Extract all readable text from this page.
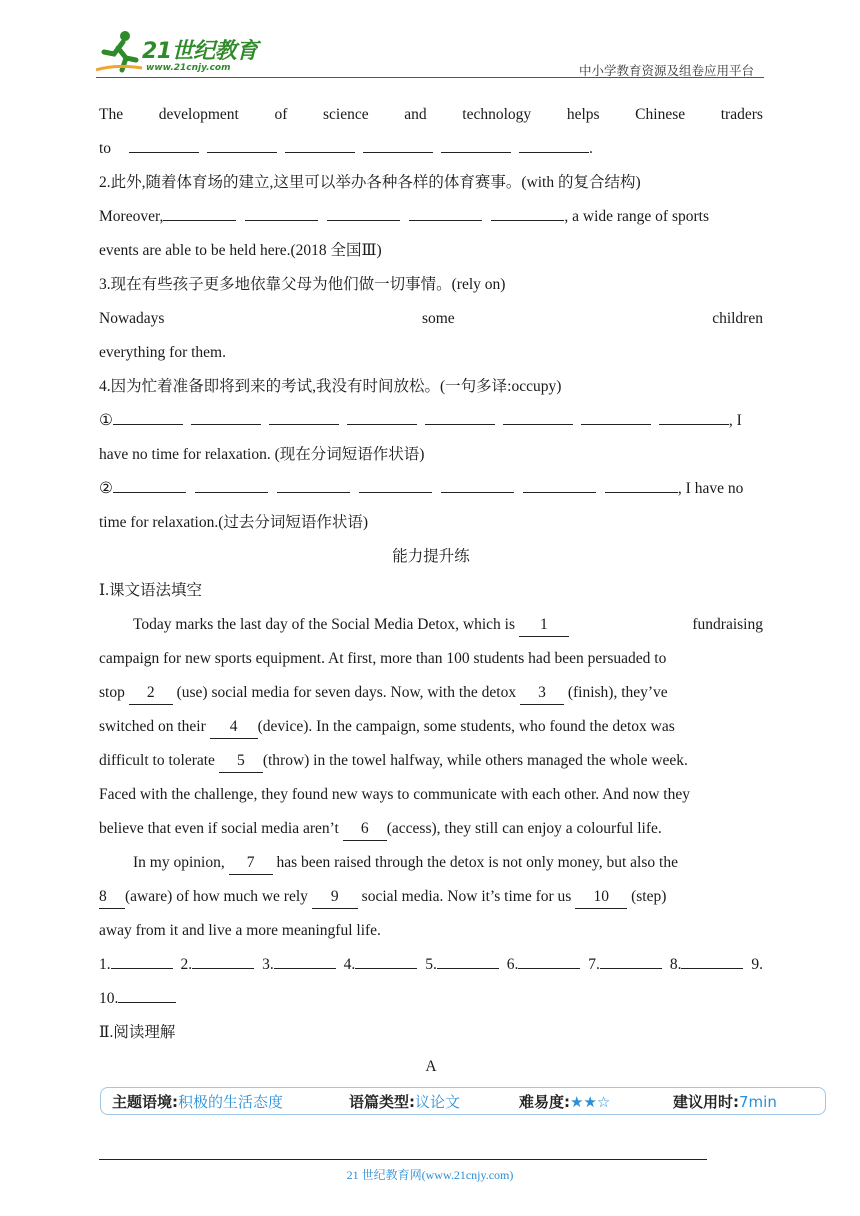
21世纪教育
www.21cnjy.com	中小学教育资源及组卷应用平台
The development of science and technology helps Chinese traders
to	.
2.此外,随着体育场的建立,这里可以举办各种各样的体育赛事。(with 的复合结构)
Moreover,	, a wide range of sports
events are able to be held here.(2018 全国Ⅲ)
3.现在有些孩子更多地依靠父母为他们做一切事情。(rely on)
Nowadays	some	children
everything for them.
4.因为忙着准备即将到来的考试,我没有时间放松。(一句多译:occupy)
①	, I
have no time for relaxation. (现在分词短语作状语)
②	, I have no
time for relaxation.(过去分词短语作状语)
能力提升练
Ⅰ.课文语法填空
Today marks the last day of the Social Media Detox, which is 1	fundraising
campaign for new sports equipment. At first, more than 100 students had been persuaded to
stop 2 (use) social media for seven days. Now, with the detox 3 (finish), they’ve
switched on their 4 (device). In the campaign, some students, who found the detox was
difficult to tolerate 5 (throw) in the towel halfway, while others managed the whole week.
Faced with the challenge, they found new ways to communicate with each other. And now they
believe that even if social media aren’t 6 (access), they still can enjoy a colourful life.
In my opinion, 7 has been raised through the detox is not only money, but also the
8 (aware) of how much we rely 9 social media. Now it’s time for us 10 (step)
away from it and live a more meaningful life.
1.	2.	3.	4.	5.	6.	7.	8.	9.
10.
Ⅱ.阅读理解
A
主题语境:积极的生活态度	语篇类型:议论文	难易度:★★☆	建议用时:7min
21 世纪教育网(www.21cnjy.com)
